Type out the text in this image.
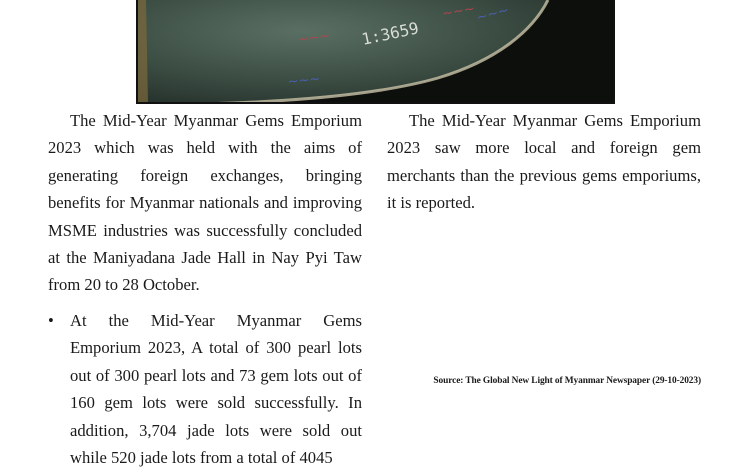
1:3659
~~~
~~~ ~~~
~~~

The Mid-Year Myanmar Gems Emporium 2023 which was held with the aims of generating foreign exchanges, bringing benefits for Myanmar nationals and improving MSME industries was successfully concluded at the Maniyadana Jade Hall in Nay Pyi Taw from 20 to 28 October.

• At the Mid-Year Myanmar Gems Emporium 2023, A total of 300 pearl lots out of 300 pearl lots and 73 gem lots out of 160 gem lots were sold successfully. In addition, 3,704 jade lots were sold out while 520 jade lots from a total of 4045

The Mid-Year Myanmar Gems Emporium 2023 saw more local and foreign gem merchants than the previous gems emporiums, it is reported.

Source: The Global New Light of Myanmar Newspaper (29-10-2023)
